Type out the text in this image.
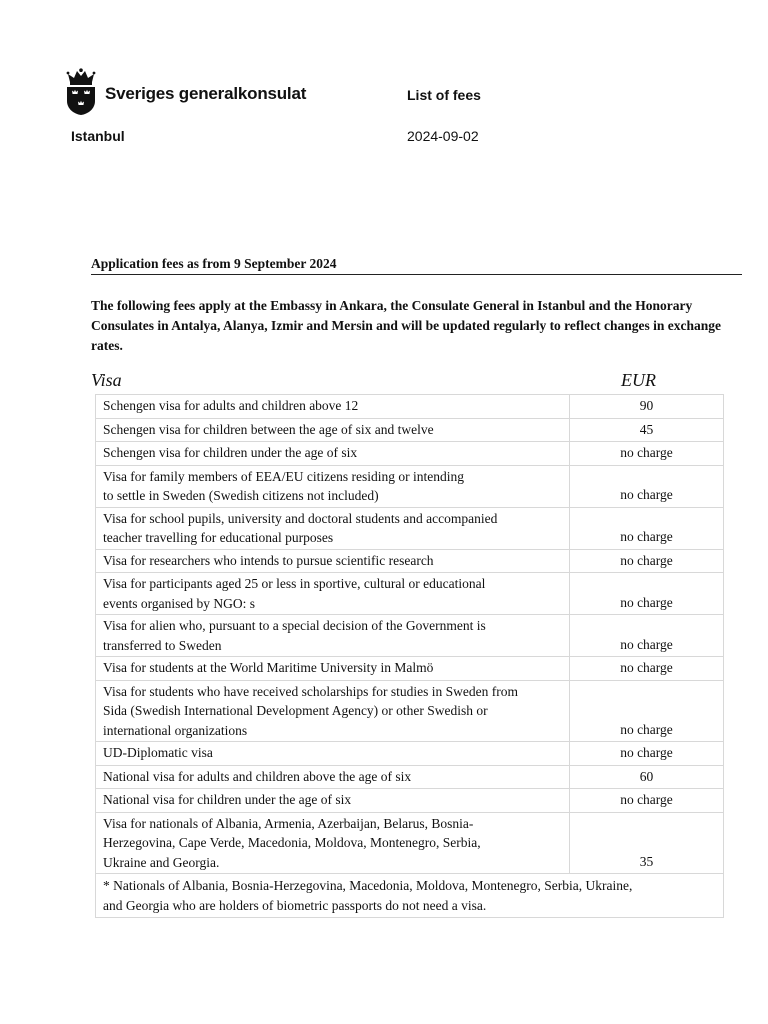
Sveriges generalkonsulat
Istanbul
List of fees
2024-09-02
Application fees as from 9 September 2024
The following fees apply at the Embassy in Ankara, the Consulate General in Istanbul and the Honorary Consulates in Antalya, Alanya, Izmir and Mersin and will be updated regularly to reflect changes in exchange rates.
Visa	EUR
Schengen visa for adults and children above 12	90
Schengen visa for children between the age of six and twelve	45
Schengen visa for children under the age of six	no charge
Visa for family members of EEA/EU citizens residing or intending
to settle in Sweden (Swedish citizens not included)	no charge
Visa for school pupils, university and doctoral students and accompanied
teacher travelling for educational purposes	no charge
Visa for researchers who intends to pursue scientific research	no charge
Visa for participants aged 25 or less in sportive, cultural or educational
events organised by NGO: s	no charge
Visa for alien who, pursuant to a special decision of the Government is
transferred to Sweden	no charge
Visa for students at the World Maritime University in Malmö	no charge
Visa for students who have received scholarships for studies in Sweden from
Sida (Swedish International Development Agency) or other Swedish or
international organizations	no charge
UD-Diplomatic visa	no charge
National visa for adults and children above the age of six	60
National visa for children under the age of six	no charge
Visa for nationals of Albania, Armenia, Azerbaijan, Belarus, Bosnia-
Herzegovina, Cape Verde, Macedonia, Moldova, Montenegro, Serbia,
Ukraine and Georgia.	35
* Nationals of Albania, Bosnia-Herzegovina, Macedonia, Moldova, Montenegro, Serbia, Ukraine,
and Georgia who are holders of biometric passports do not need a visa.	
